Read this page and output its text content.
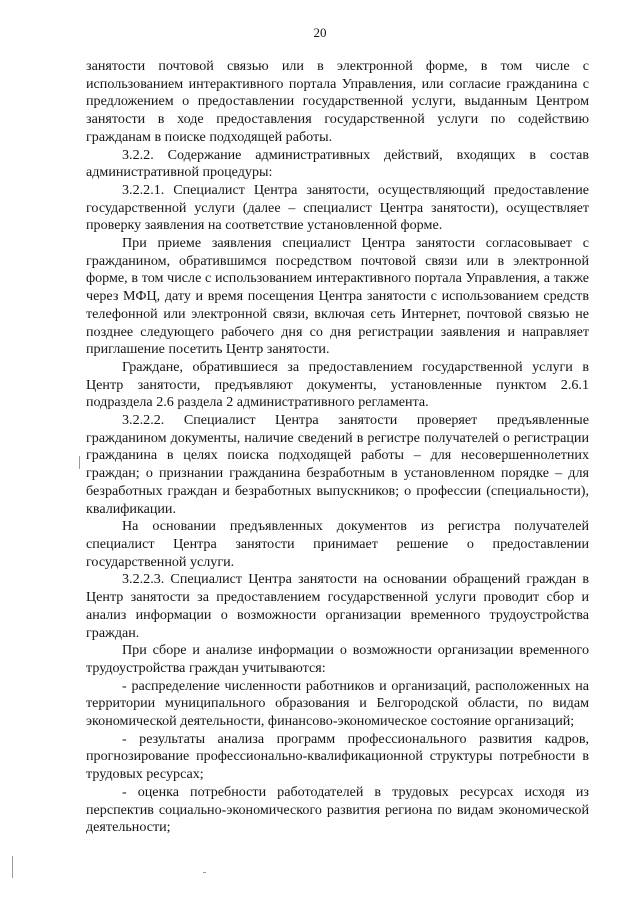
20

занятости почтовой связью или в электронной форме, в том числе с использованием интерактивного портала Управления, или согласие гражданина с предложением о предоставлении государственной услуги, выданным Центром занятости в ходе предоставления государственной услуги по содействию гражданам в поиске подходящей работы.

3.2.2. Содержание административных действий, входящих в состав административной процедуры:

3.2.2.1. Специалист Центра занятости, осуществляющий предоставление государственной услуги (далее – специалист Центра занятости), осуществляет проверку заявления на соответствие установленной форме.

При приеме заявления специалист Центра занятости согласовывает с гражданином, обратившимся посредством почтовой связи или в электронной форме, в том числе с использованием интерактивного портала Управления, а также через МФЦ, дату и время посещения Центра занятости с использованием средств телефонной или электронной связи, включая сеть Интернет, почтовой связью не позднее следующего рабочего дня со дня регистрации заявления и направляет приглашение посетить Центр занятости.

Граждане, обратившиеся за предоставлением государственной услуги в Центр занятости, предъявляют документы, установленные пунктом 2.6.1 подраздела 2.6 раздела 2 административного регламента.

3.2.2.2. Специалист Центра занятости проверяет предъявленные гражданином документы, наличие сведений в регистре получателей о регистрации гражданина в целях поиска подходящей работы – для несовершеннолетних граждан; о признании гражданина безработным в установленном порядке – для безработных граждан и безработных выпускников; о профессии (специальности), квалификации.

На основании предъявленных документов из регистра получателей специалист Центра занятости принимает решение о предоставлении государственной услуги.

3.2.2.3. Специалист Центра занятости на основании обращений граждан в Центр занятости за предоставлением государственной услуги проводит сбор и анализ информации о возможности организации временного трудоустройства граждан.

При сборе и анализе информации о возможности организации временного трудоустройства граждан учитываются:

- распределение численности работников и организаций, расположенных на территории муниципального образования и Белгородской области, по видам экономической деятельности, финансово-экономическое состояние организаций;

- результаты анализа программ профессионального развития кадров, прогнозирование профессионально-квалификационной структуры потребности в трудовых ресурсах;

- оценка потребности работодателей в трудовых ресурсах исходя из перспектив социально-экономического развития региона по видам экономической деятельности;
